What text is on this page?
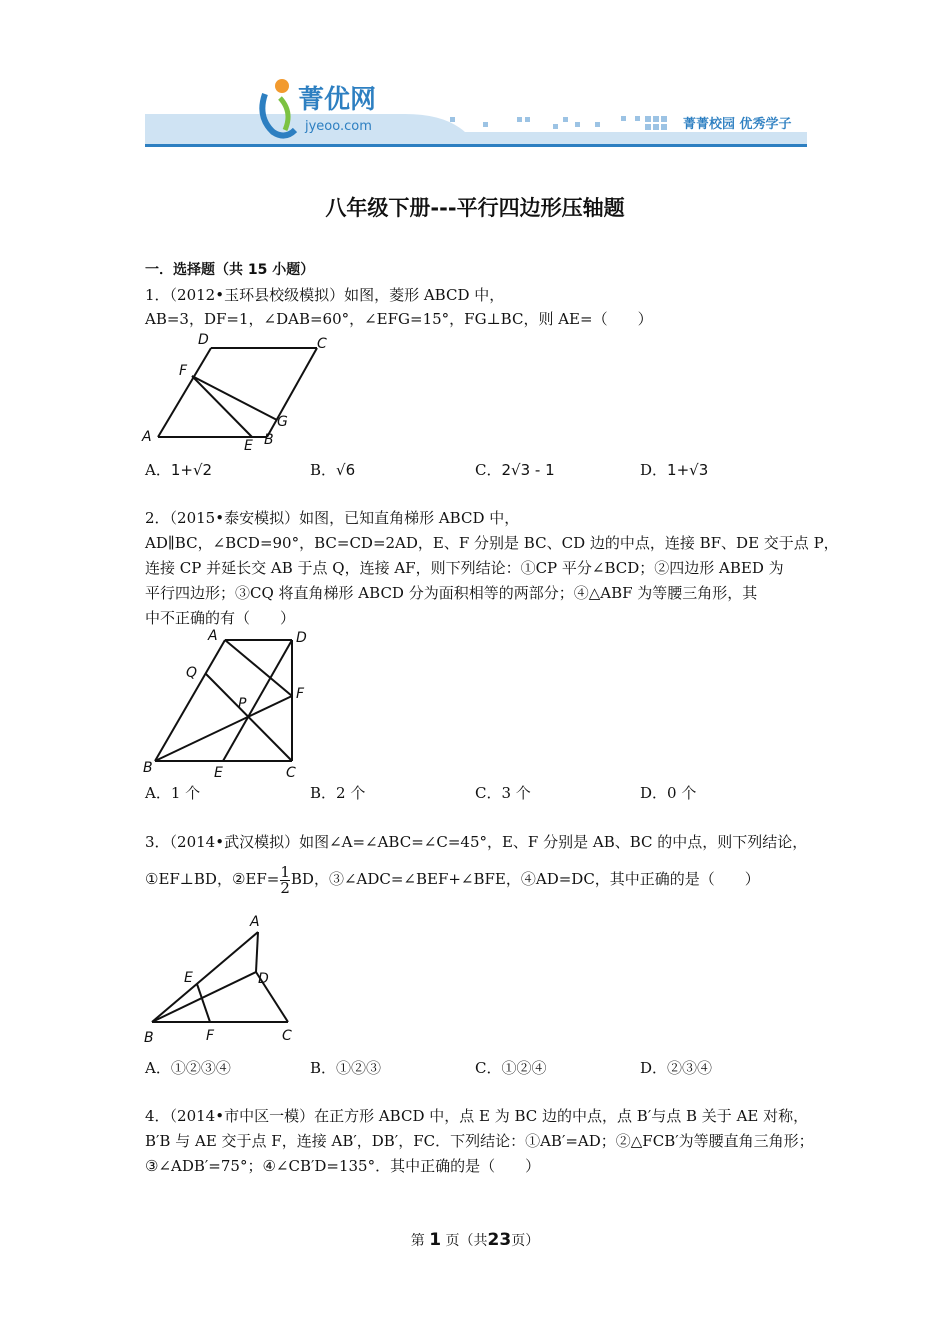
菁优网
jyeoo.com	菁菁校园 优秀学子
八年级下册---平行四边形压轴题
一．选择题（共 15 小题）
1．（2012•玉环县校级模拟）如图，菱形 ABCD 中，
AB=3，DF=1，∠DAB=60°，∠EFG=15°，FG⊥BC，则 AE=（　　）
D	C
F
G
A
E B
A．1+√2	B．√6	C．2√3 - 1	D．1+√3
2．（2015•泰安模拟）如图，已知直角梯形 ABCD 中，
AD∥BC，∠BCD=90°，BC=CD=2AD，E、F 分别是 BC、CD 边的中点，连接 BF、DE 交于点 P，
连接 CP 并延长交 AB 于点 Q，连接 AF，则下列结论：①CP 平分∠BCD；②四边形 ABED 为
平行四边形；③CQ 将直角梯形 ABCD 分为面积相等的两部分；④△ABF 为等腰三角形，其
中不正确的有（　　）
A	D
Q
P
F
B	E	C
A．1 个	B．2 个	C．3 个	D．0 个
3．（2014•武汉模拟）如图∠A=∠ABC=∠C=45°，E、F 分别是 AB、BC 的中点，则下列结论，
①EF⊥BD，②EF= $\frac{1}{2}$ BD，③∠ADC=∠BEF+∠BFE，④AD=DC，其中正确的是（　　）
A
E	D
B	F	C
A．①②③④	B．①②③	C．①②④	D．②③④
4．（2014•市中区一模）在正方形 ABCD 中，点 E 为 BC 边的中点，点 B′与点 B 关于 AE 对称，
B′B 与 AE 交于点 F，连接 AB′，DB′，FC．下列结论：①AB′=AD；②△FCB′为等腰直角三角形；
③∠ADB′=75°；④∠CB′D=135°．其中正确的是（　　）
第 1 页（共23页）
